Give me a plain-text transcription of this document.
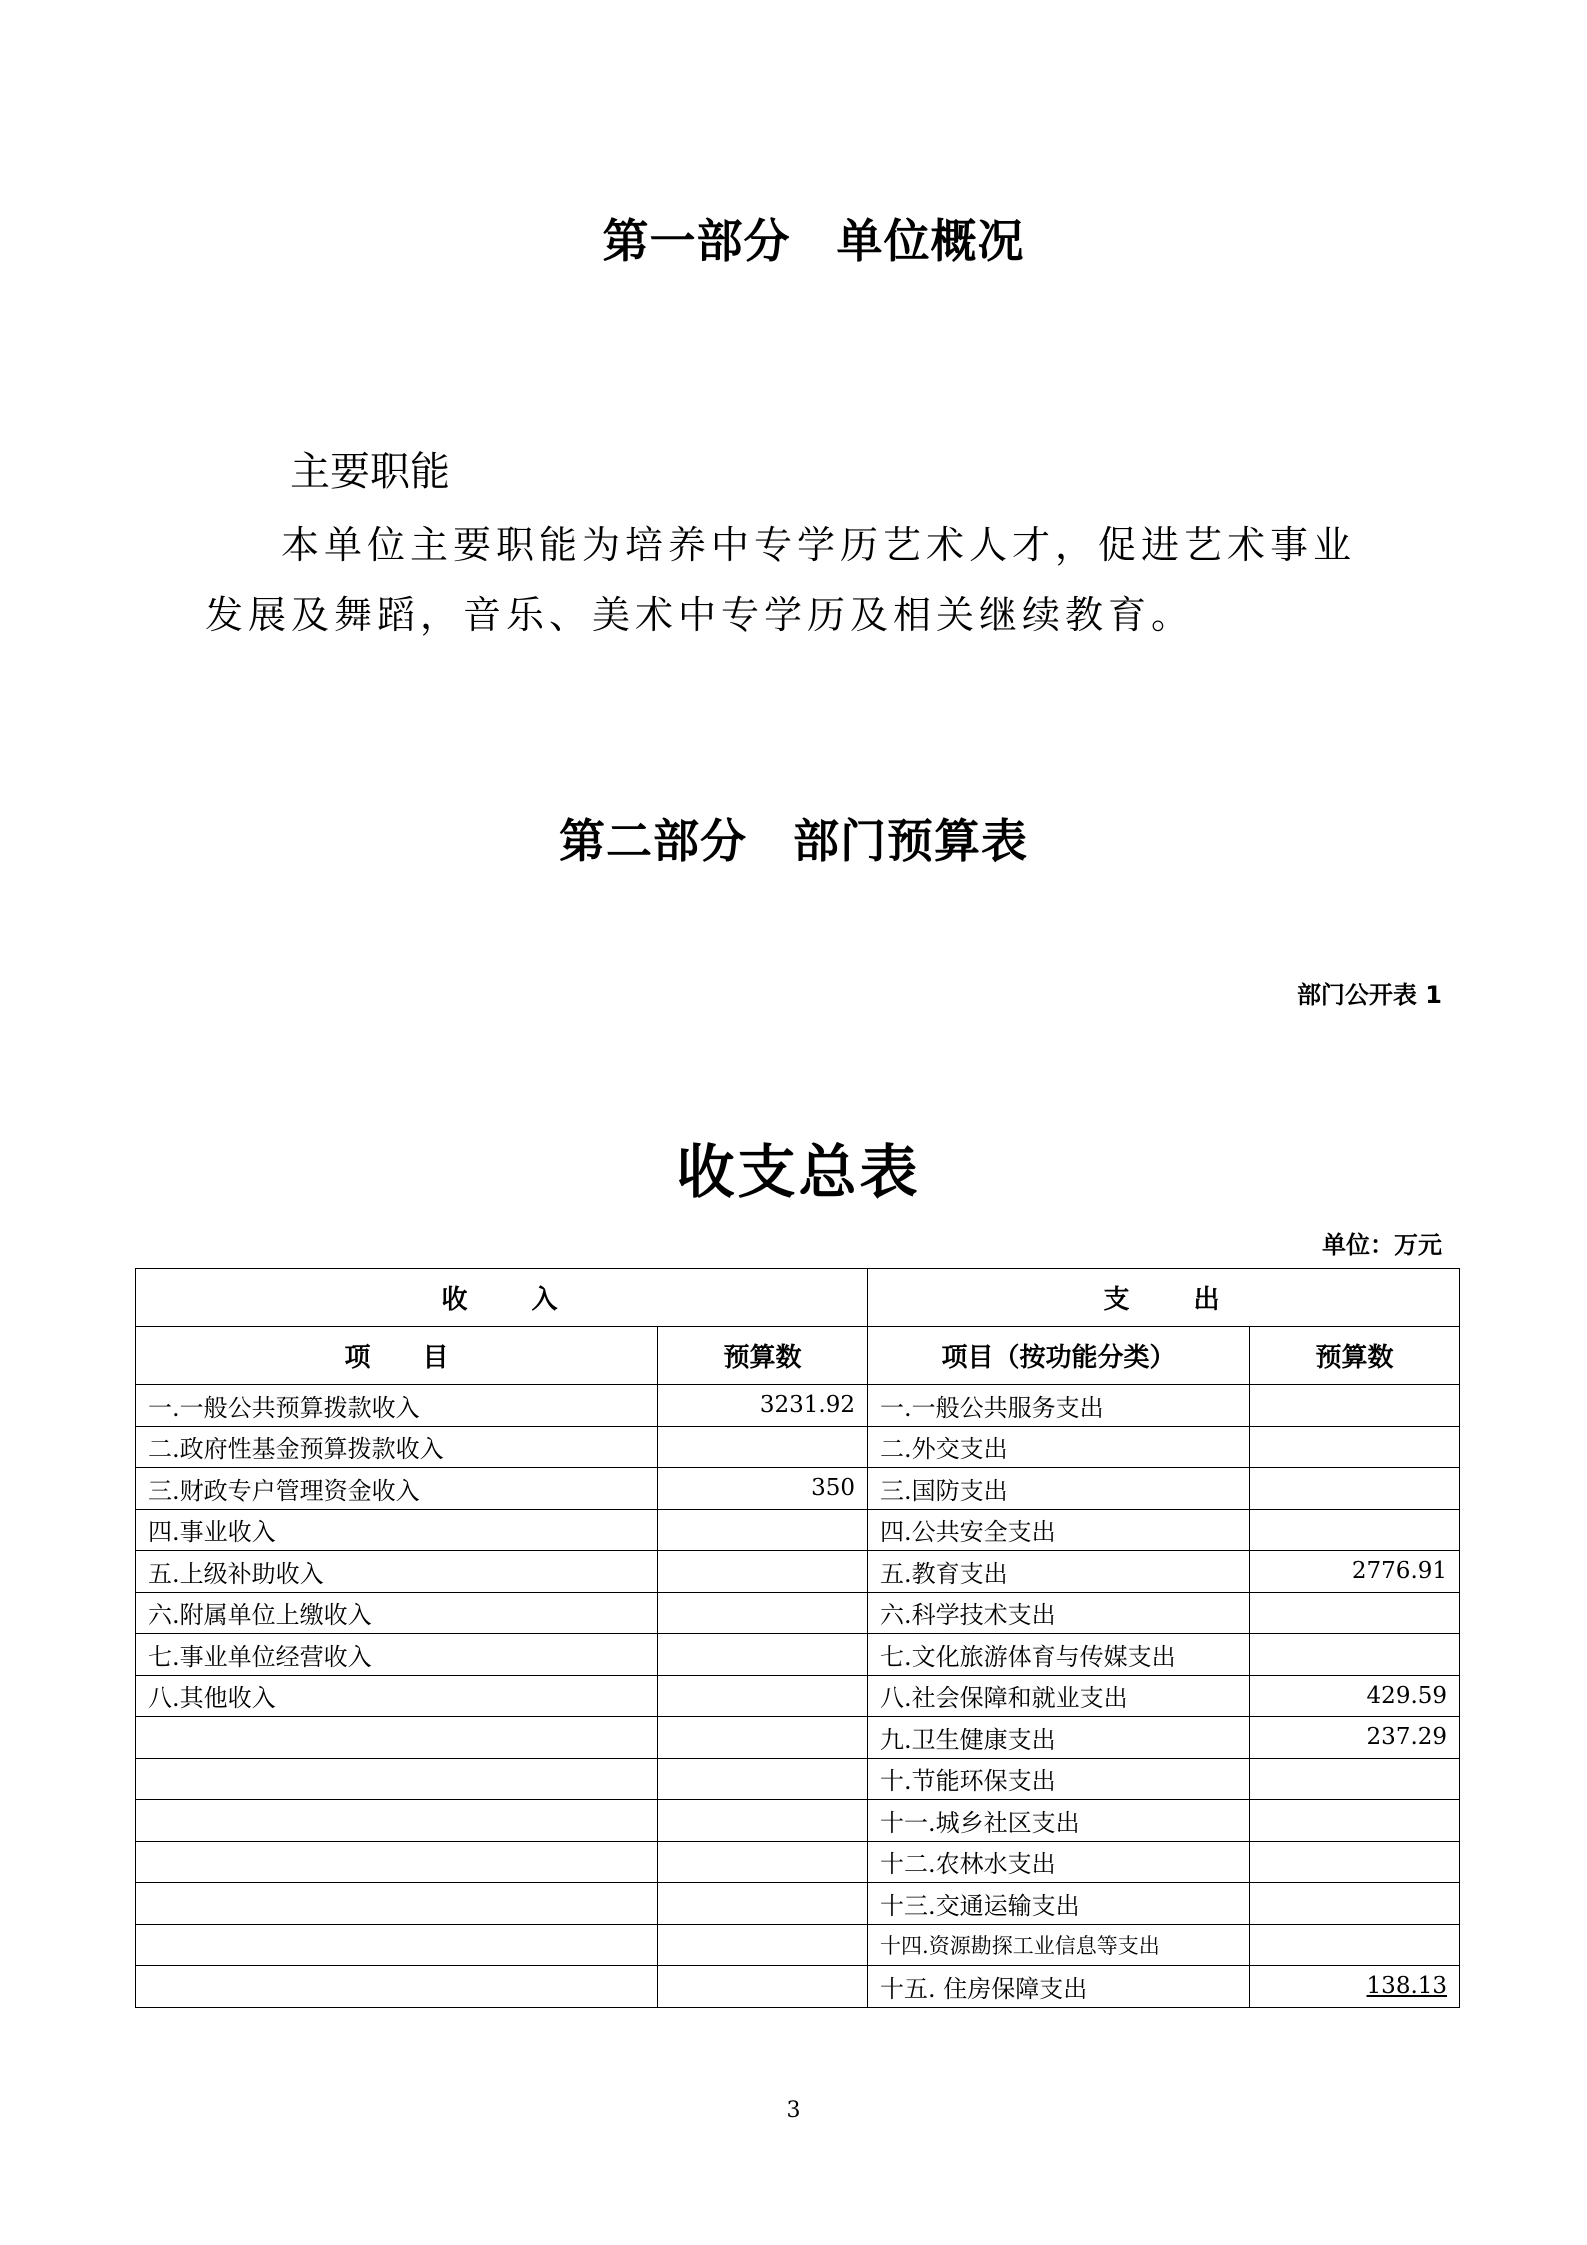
第一部分 单位概况
主要职能

本单位主要职能为培养中专学历艺术人才，促进艺术事业发展及舞蹈，音乐、美术中专学历及相关继续教育。

第二部分 部门预算表

部门公开表 1

收支总表

单位：万元

收　　入		支　　出	
项　　目	预算数	项目（按功能分类）	预算数
一.一般公共预算拨款收入	3231.92	一.一般公共服务支出	
二.政府性基金预算拨款收入		二.外交支出	
三.财政专户管理资金收入	350	三.国防支出	
四.事业收入		四.公共安全支出	
五.上级补助收入		五.教育支出	2776.91
六.附属单位上缴收入		六.科学技术支出	
七.事业单位经营收入		七.文化旅游体育与传媒支出	
八.其他收入		八.社会保障和就业支出	429.59
		九.卫生健康支出	237.29
		十.节能环保支出	
		十一.城乡社区支出	
		十二.农林水支出	
		十三.交通运输支出	
		十四.资源勘探工业信息等支出	
		十五. 住房保障支出	138.13

3
